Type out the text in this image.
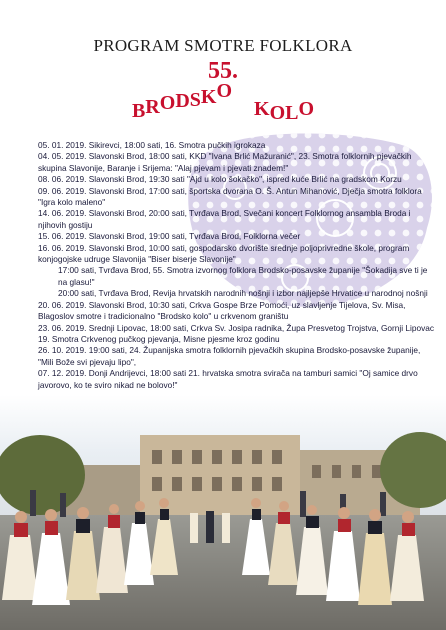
PROGRAM SMOTRE FOLKLORA
55.
BRODSKOKOLO
05. 01. 2019. Sikirevci, 18:00 sati, 16. Smotra pučkih igrokaza
04. 05. 2019. Slavonski Brod, 18:00 sati, KKD "Ivana Brlić Mažuranić", 23. Smotra folklornih pjevačkih skupina Slavonije, Baranje i Srijema: "Alaj pjevam i pjevati znadem!"
08. 06. 2019. Slavonski Brod, 19:30 sati "Ajd u kolo šokačko", ispred kuće Brlić na gradskom Korzu
09. 06. 2019. Slavonski Brod, 17:00 sati, športska dvorana O. Š. Antun Mihanović, Dječja smotra folklora "Igra kolo maleno"
14. 06. 2019. Slavonski Brod, 20:00 sati, Tvrđava Brod, Svečani koncert Folklornog ansambla Broda i njihovih gostiju
15. 06. 2019. Slavonski Brod, 19:00 sati, Tvrđava Brod, Folklorna večer
16. 06. 2019. Slavonski Brod, 10:00 sati, gospodarsko dvorište srednje poljoprivredne škole, program konjogojske udruge Slavonija "Biser biserje Slavonije"
17:00 sati, Tvrđava Brod, 55. Smotra izvornog folklora Brodsko-posavske županije "Šokadija sve ti je na glasu!"
20:00 sati, Tvrđava Brod, Revija hrvatskih narodnih nošnji i izbor najljepše Hrvatice u narodnoj nošnji
20. 06. 2019. Slavonski Brod, 10:30 sati, Crkva Gospe Brze Pomoći, uz slavljenje Tijelova, Sv. Misa, Blagoslov smotre i tradicionalno "Brodsko kolo" u crkvenom graništu
23. 06. 2019. Srednji Lipovac, 18:00 sati, Crkva Sv. Josipa radnika, Župa Presvetog Trojstva, Gornji Lipovac 19. Smotra Crkvenog pučkog pjevanja, Misne pjesme kroz godinu
26. 10. 2019. 19:00 sati, 24. Županijska smotra folklornih pjevačkih skupina Brodsko-posavske županije, "Mili Bože svi pjevaju lipo",
07. 12. 2019. Donji Andrijevci, 18:00 sati 21. hrvatska smotra svirača na tamburi samici "Oj samice drvo javorovo, ko te sviro nikad ne bolovo!"
